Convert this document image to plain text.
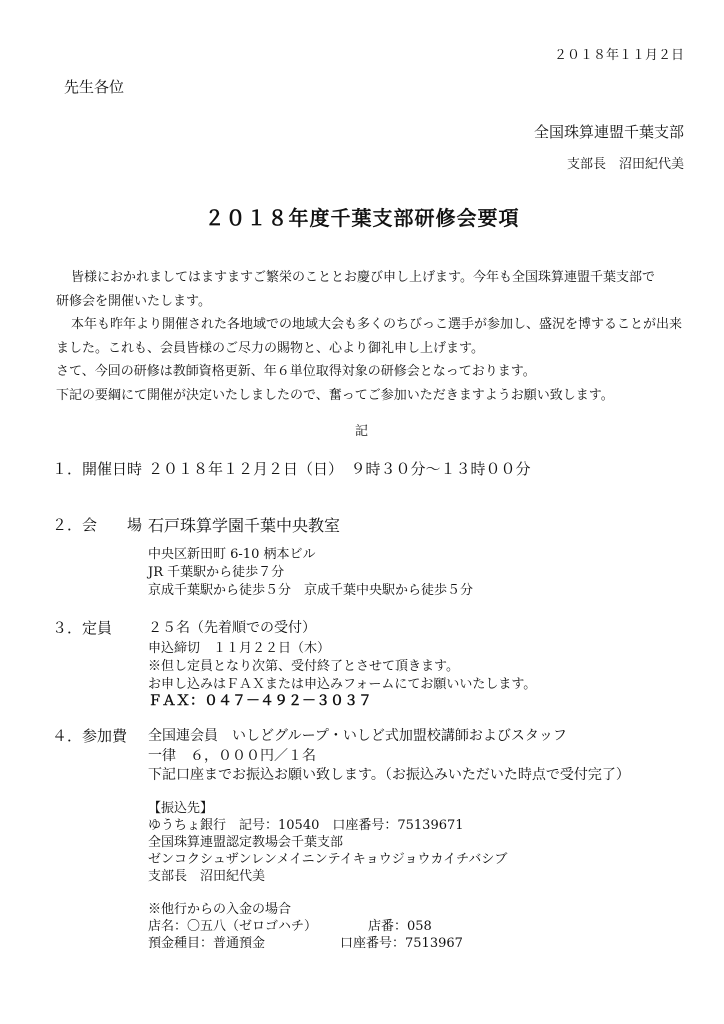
２０１８年１１月２日
先生各位
全国珠算連盟千葉支部
支部長　沼田紀代美
２０１８年度千葉支部研修会要項
皆様におかれましてはますますご繁栄のこととお慶び申し上げます。今年も全国珠算連盟千葉支部で
研修会を開催いたします。
本年も昨年より開催された各地域での地域大会も多くのちびっこ選手が参加し、盛況を博することが出来
ました。これも、会員皆様のご尽力の賜物と、心より御礼申し上げます。
さて、今回の研修は教師資格更新、年６単位取得対象の研修会となっております。
下記の要綱にて開催が決定いたしましたので、奮ってご参加いただきますようお願い致します。
記
１．開催日時 ２０１８年１２月２日（日）　９時３０分～１３時００分
２．会　　場 石戸珠算学園千葉中央教室
中央区新田町 6-10 柄本ビル
JR 千葉駅から徒歩７分
京成千葉駅から徒歩５分　京成千葉中央駅から徒歩５分
３．定員	２５名（先着順での受付）
申込締切　１１月２２日（木）
※但し定員となり次第、受付終了とさせて頂きます。
お申し込みはＦＡＸまたは申込みフォームにてお願いいたします。
ＦＡＸ：０４７－４９２－３０３７
４．参加費 全国連会員　いしどグループ・いしど式加盟校講師およびスタッフ
一律　６，０００円／１名
下記口座までお振込お願い致します。（お振込みいただいた時点で受付完了）
【振込先】
ゆうちょ銀行　記号：10540　口座番号：75139671
全国珠算連盟認定教場会千葉支部
ゼンコクシュザンレンメイニンテイキョウジョウカイチバシブ
支部長　沼田紀代美
※他行からの入金の場合
店名：〇五八（ゼロゴハチ）	店番：058
預金種目：普通預金	口座番号：7513967
